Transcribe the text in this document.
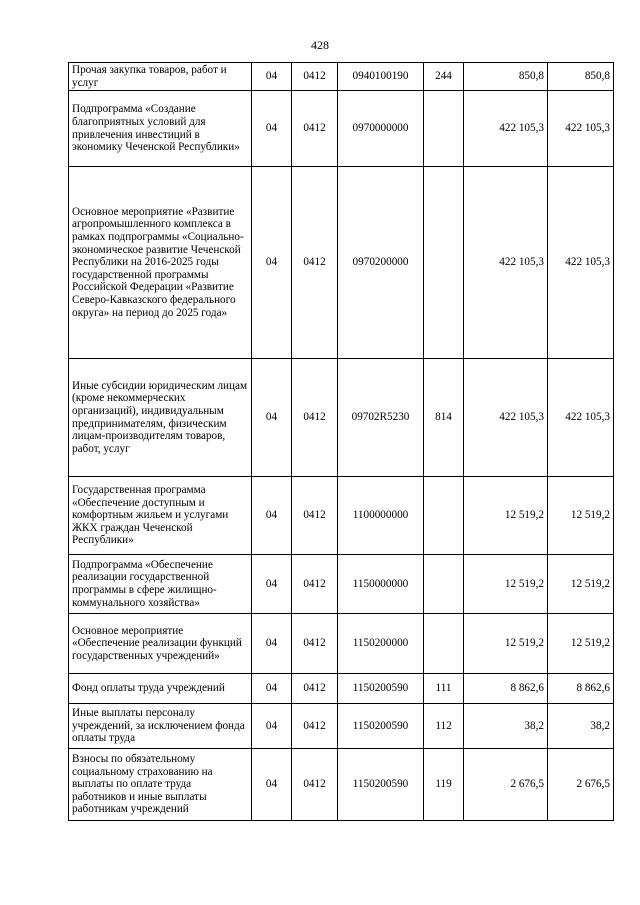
428
Прочая закупка товаров, работ и услуг	04	0412	0940100190	244	850,8	850,8
Подпрограмма «Создание благоприятных условий для привлечения инвестиций в экономику Чеченской Республики»	04	0412	0970000000		422 105,3	422 105,3
Основное мероприятие «Развитие агропромышленного комплекса в рамках подпрограммы «Социально-экономическое развитие Чеченской Республики на 2016-2025 годы государственной программы Российской Федерации «Развитие Северо-Кавказского федерального округа» на период до 2025 года»	04	0412	0970200000		422 105,3	422 105,3
Иные субсидии юридическим лицам (кроме некоммерческих организаций), индивидуальным предпринимателям, физическим лицам-производителям товаров, работ, услуг	04	0412	09702R5230	814	422 105,3	422 105,3
Государственная программа «Обеспечение доступным и комфортным жильем и услугами ЖКХ граждан Чеченской Республики»	04	0412	1100000000		12 519,2	12 519,2
Подпрограмма «Обеспечение реализации государственной программы в сфере жилищно-коммунального хозяйства»	04	0412	1150000000		12 519,2	12 519,2
Основное мероприятие «Обеспечение реализации функций государственных учреждений»	04	0412	1150200000		12 519,2	12 519,2
Фонд оплаты труда учреждений	04	0412	1150200590	111	8 862,6	8 862,6
Иные выплаты персоналу учреждений, за исключением фонда оплаты труда	04	0412	1150200590	112	38,2	38,2
Взносы по обязательному социальному страхованию на выплаты по оплате труда работников и иные выплаты работникам учреждений	04	0412	1150200590	119	2 676,5	2 676,5
